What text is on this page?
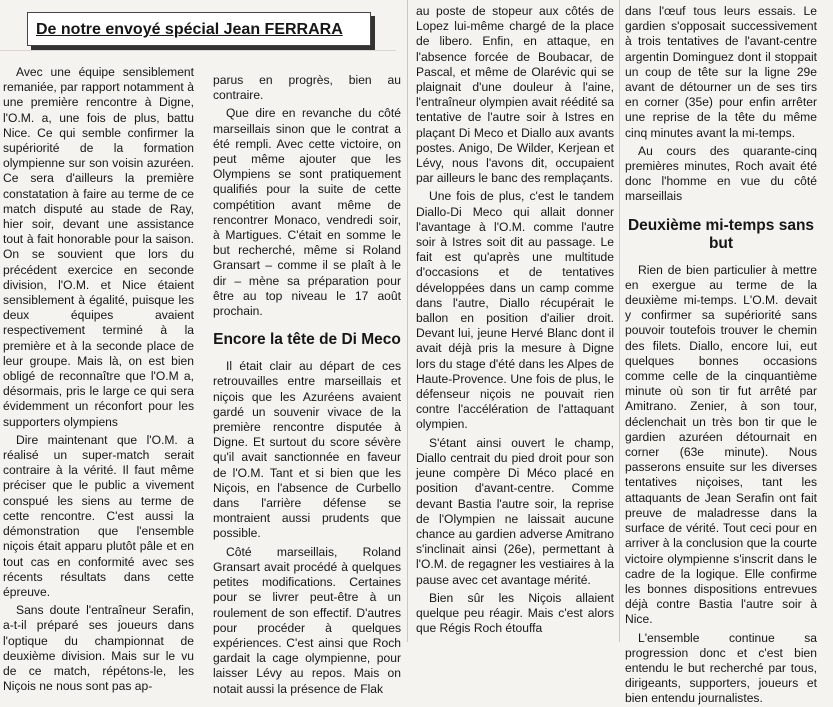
De notre envoyé spécial Jean FERRARA

Avec une équipe sensiblement remaniée, par rapport notamment à une première rencontre à Digne, l'O.M. a, une fois de plus, battu Nice. Ce qui semble confirmer la supériorité de la formation olympienne sur son voisin azuréen. Ce sera d'ailleurs la première constatation à faire au terme de ce match disputé au stade de Ray, hier soir, devant une assistance tout à fait honorable pour la saison. On se souvient que lors du précédent exercice en seconde division, l'O.M. et Nice étaient sensiblement à égalité, puisque les deux équipes avaient respectivement terminé à la première et à la seconde place de leur groupe. Mais là, on est bien obligé de reconnaître que l'O.M a, désormais, pris le large ce qui sera évidemment un réconfort pour les supporters olympiens

Dire maintenant que l'O.M. a réalisé un super-match serait contraire à la vérité. Il faut même préciser que le public a vivement conspué les siens au terme de cette rencontre. C'est aussi la démonstration que l'ensemble niçois était apparu plutôt pâle et en tout cas en conformité avec ses récents résultats dans cette épreuve.

Sans doute l'entraîneur Serafin, a-t-il préparé ses joueurs dans l'optique du championnat de deuxième division. Mais sur le vu de ce match, répétons-le, les Niçois ne nous sont pas ap-

parus en progrès, bien au contraire.

Que dire en revanche du côté marseillais sinon que le contrat a été rempli. Avec cette victoire, on peut même ajouter que les Olympiens se sont pratiquement qualifiés pour la suite de cette compétition avant même de rencontrer Monaco, vendredi soir, à Martigues. C'était en somme le but recherché, même si Roland Gransart – comme il se plaît à le dir – mène sa préparation pour être au top niveau le 17 août prochain.

Encore la tête de Di Meco

Il était clair au départ de ces retrouvailles entre marseillais et niçois que les Azuréens avaient gardé un souvenir vivace de la première rencontre disputée à Digne. Et surtout du score sévère qu'il avait sanctionnée en faveur de l'O.M. Tant et si bien que les Niçois, en l'absence de Curbello dans l'arrière défense se montraient aussi prudents que possible.

Côté marseillais, Roland Gransart avait procédé à quelques petites modifications. Certaines pour se livrer peut-être à un roulement de son effectif. D'autres pour procéder à quelques expériences. C'est ainsi que Roch gardait la cage olympienne, pour laisser Lévy au repos. Mais on notait aussi la présence de Flak

au poste de stopeur aux côtés de Lopez lui-même chargé de la place de libero. Enfin, en attaque, en l'absence forcée de Boubacar, de Pascal, et même de Olarévic qui se plaignait d'une douleur à l'aine, l'entraîneur olympien avait réédité sa tentative de l'autre soir à Istres en plaçant Di Meco et Diallo aux avants postes. Anigo, De Wilder, Kerjean et Lévy, nous l'avons dit, occupaient par ailleurs le banc des remplaçants.

Une fois de plus, c'est le tandem Diallo-Di Meco qui allait donner l'avantage à l'O.M. comme l'autre soir à Istres soit dit au passage. Le fait est qu'après une multitude d'occasions et de tentatives développées dans un camp comme dans l'autre, Diallo récupérait le ballon en position d'ailier droit. Devant lui, jeune Hervé Blanc dont il avait déjà pris la mesure à Digne lors du stage d'été dans les Alpes de Haute-Provence. Une fois de plus, le défenseur niçois ne pouvait rien contre l'accélération de l'attaquant olympien.

S'étant ainsi ouvert le champ, Diallo centrait du pied droit pour son jeune compère Di Méco placé en position d'avant-centre. Comme devant Bastia l'autre soir, la reprise de l'Olympien ne laissait aucune chance au gardien adverse Amitrano s'inclinait ainsi (26e), permettant à l'O.M. de regagner les vestiaires à la pause avec cet avantage mérité.

Bien sûr les Niçois allaient quelque peu réagir. Mais c'est alors que Régis Roch étouffa

dans l'œuf tous leurs essais. Le gardien s'opposait successivement à trois tentatives de l'avant-centre argentin Dominguez dont il stoppait un coup de tête sur la ligne 29e avant de détourner un de ses tirs en corner (35e) pour enfin arrêter une reprise de la tête du même cinq minutes avant la mi-temps.

Au cours des quarante-cinq premières minutes, Roch avait été donc l'homme en vue du côté marseillais

Deuxième mi-temps sans but

Rien de bien particulier à mettre en exergue au terme de la deuxième mi-temps. L'O.M. devait y confirmer sa supériorité sans pouvoir toutefois trouver le chemin des filets. Diallo, encore lui, eut quelques bonnes occasions comme celle de la cinquantième minute où son tir fut arrêté par Amitrano. Zenier, à son tour, déclenchait un très bon tir que le gardien azuréen détournait en corner (63e minute). Nous passerons ensuite sur les diverses tentatives niçoises, tant les attaquants de Jean Serafin ont fait preuve de maladresse dans la surface de vérité. Tout ceci pour en arriver à la conclusion que la courte victoire olympienne s'inscrit dans le cadre de la logique. Elle confirme les bonnes dispositions entrevues déjà contre Bastia l'autre soir à Nice.

L'ensemble continue sa progression donc et c'est bien entendu le but recherché par tous, dirigeants, supporters, joueurs et bien entendu journalistes.
